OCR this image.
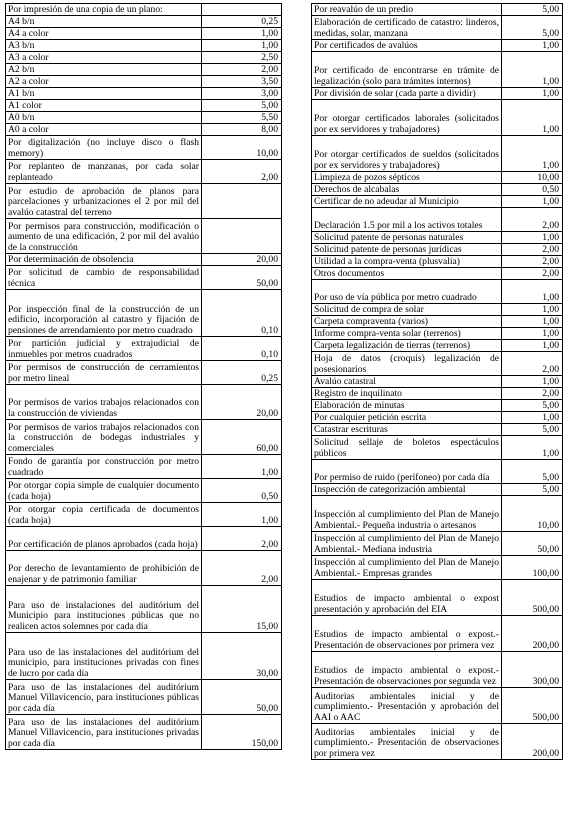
Por impresión de una copia de un plano:	
A4 b/n	0,25
A4 a color	1,00
A3 b/n	1,00
A3 a color	2,50
A2 b/n	2,00
A2 a color	3,50
A1 b/n	3,00
A1 color	5,00
A0 b/n	5,50
A0 a color	8,00
Por digitalización (no incluye disco o flash memory)	10,00
Por replanteo de manzanas, por cada solar replanteado	2,00
Por estudio de aprobación de planos para parcelaciones y urbanizaciones el 2 por mil del avalúo catastral del terreno	
Por permisos para construcción, modificación o aumento de una edificación, 2 por mil del avalúo de la construcción	
Por determinación de obsolencia	20,00
Por solicitud de cambio de responsabilidad técnica	50,00
Por inspección final de la construcción de un edificio, incorporación al catastro y fijación de pensiones de arrendamiento por metro cuadrado	0,10
Por partición judicial y extrajudicial de inmuebles por metros cuadrados	0,10
Por permisos de construcción de cerramientos por metro lineal	0,25
Por permisos de varios trabajos relacionados con la construcción de viviendas	20,00
Por permisos de varios trabajos relacionados con la construcción de bodegas industriales y comerciales	60,00
Fondo de garantía por construcción por metro cuadrado	1,00
Por otorgar copia simple de cualquier documento (cada hoja)	0,50
Por otorgar copia certificada de documentos (cada hoja)	1,00
Por certificación de planos aprobados (cada hoja)	2,00
Por derecho de levantamiento de prohibición de enajenar y de patrimonio familiar	2,00
Para uso de instalaciones del auditórium del Municipio para instituciones públicas que no realicen actos solemnes por cada día	15,00
Para uso de las instalaciones del auditórium del municipio, para instituciones privadas con fines de lucro por cada día	30,00
Para uso de las instalaciones del auditórium Manuel Villavicencio, para instituciones públicas por cada día	50,00
Para uso de las instalaciones del auditórium Manuel Villavicencio, para instituciones privadas por cada día	150,00
Por reavalúo de un predio	5,00
Elaboración de certificado de catastro: linderos, medidas, solar, manzana	5,00
Por certificados de avalúos	1,00
Por certificado de encontrarse en trámite de legalización (solo para trámites internos)	1,00
Por división de solar (cada parte a dividir)	1,00
Por otorgar certificados laborales (solicitados por ex servidores y trabajadores)	1,00
Por otorgar certificados de sueldos (solicitados por ex servidores y trabajadores)	1,00
Limpieza de pozos sépticos	10,00
Derechos de alcabalas	0,50
Certificar de no adeudar al Municipio	1,00
Declaración 1.5 por mil a los activos totales	2,00
Solicitud patente de personas naturales	1,00
Solicitud patente de personas jurídicas	2,00
Utilidad a la compra-venta (plusvalía)	2,00
Otros documentos	2,00
Por uso de vía pública por metro cuadrado	1,00
Solicitud de compra de solar	1,00
Carpeta compraventa (varios)	1,00
Informe compra-venta solar (terrenos)	1,00
Carpeta legalización de tierras (terrenos)	1,00
Hoja de datos (croquis) legalización de posesionarios	2,00
Avalúo catastral	1,00
Registro de inquilinato	2,00
Elaboración de minutas	5,00
Por cualquier petición escrita	1,00
Catastrar escrituras	5,00
Solicitud sellaje de boletos espectáculos públicos	1,00
Por permiso de ruido (perifoneo) por cada día	5,00
Inspección de categorización ambiental	5,00
Inspección al cumplimiento del Plan de Manejo Ambiental.- Pequeña industria o artesanos	10,00
Inspección al cumplimiento del Plan de Manejo Ambiental.- Mediana industria	50,00
Inspección al cumplimiento del Plan de Manejo Ambiental.- Empresas grandes	100,00
Estudios de impacto ambiental o expost presentación y aprobación del EIA	500,00
Estudios de impacto ambiental o expost.- Presentación de observaciones por primera vez	200,00
Estudios de impacto ambiental o expost.- Presentación de observaciones por segunda vez	300,00
Auditorias ambientales inicial y de cumplimiento.- Presentación y aprobación del AAI o AAC	500,00
Auditorias ambientales inicial y de cumplimiento.- Presentación de observaciones por primera vez	200,00
